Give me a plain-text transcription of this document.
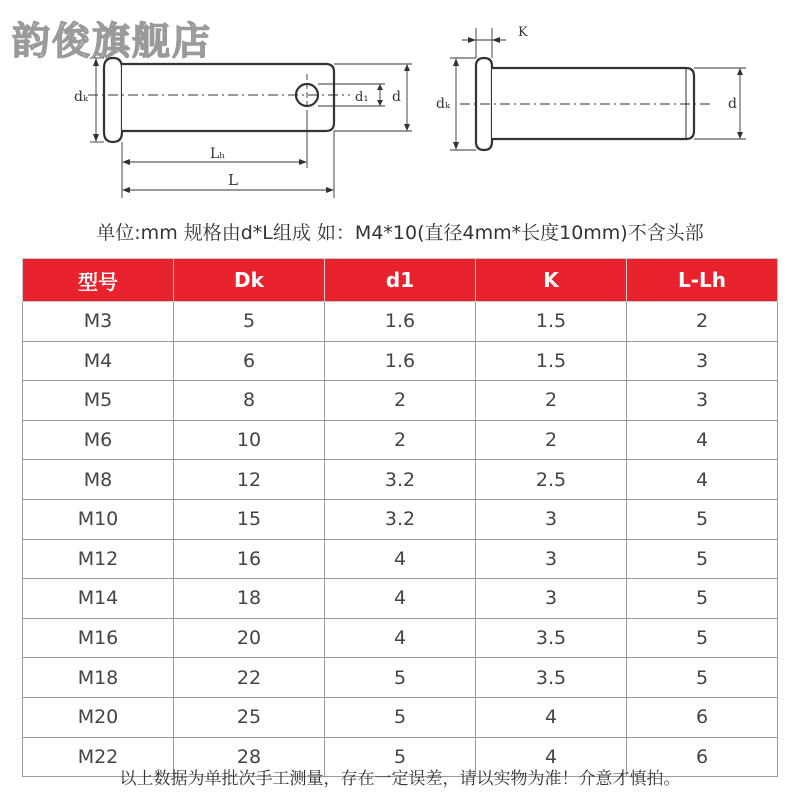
韵俊旗舰店
dₖ	d₁ d
Lₕ
L
K
dₖ	d
单位:mm 规格由d*L组成 如：M4*10(直径4mm*长度10mm)不含头部
型号	Dk	d1	K	L-Lh
M3	5	1.6	1.5	2
M4	6	1.6	1.5	3
M5	8	2	2	3
M6	10	2	2	4
M8	12	3.2	2.5	4
M10	15	3.2	3	5
M12	16	4	3	5
M14	18	4	3	5
M16	20	4	3.5	5
M18	22	5	3.5	5
M20	25	5	4	6
M22	28	5	4	6
以上数据为单批次手工测量，存在一定误差，请以实物为准！介意才慎拍。
